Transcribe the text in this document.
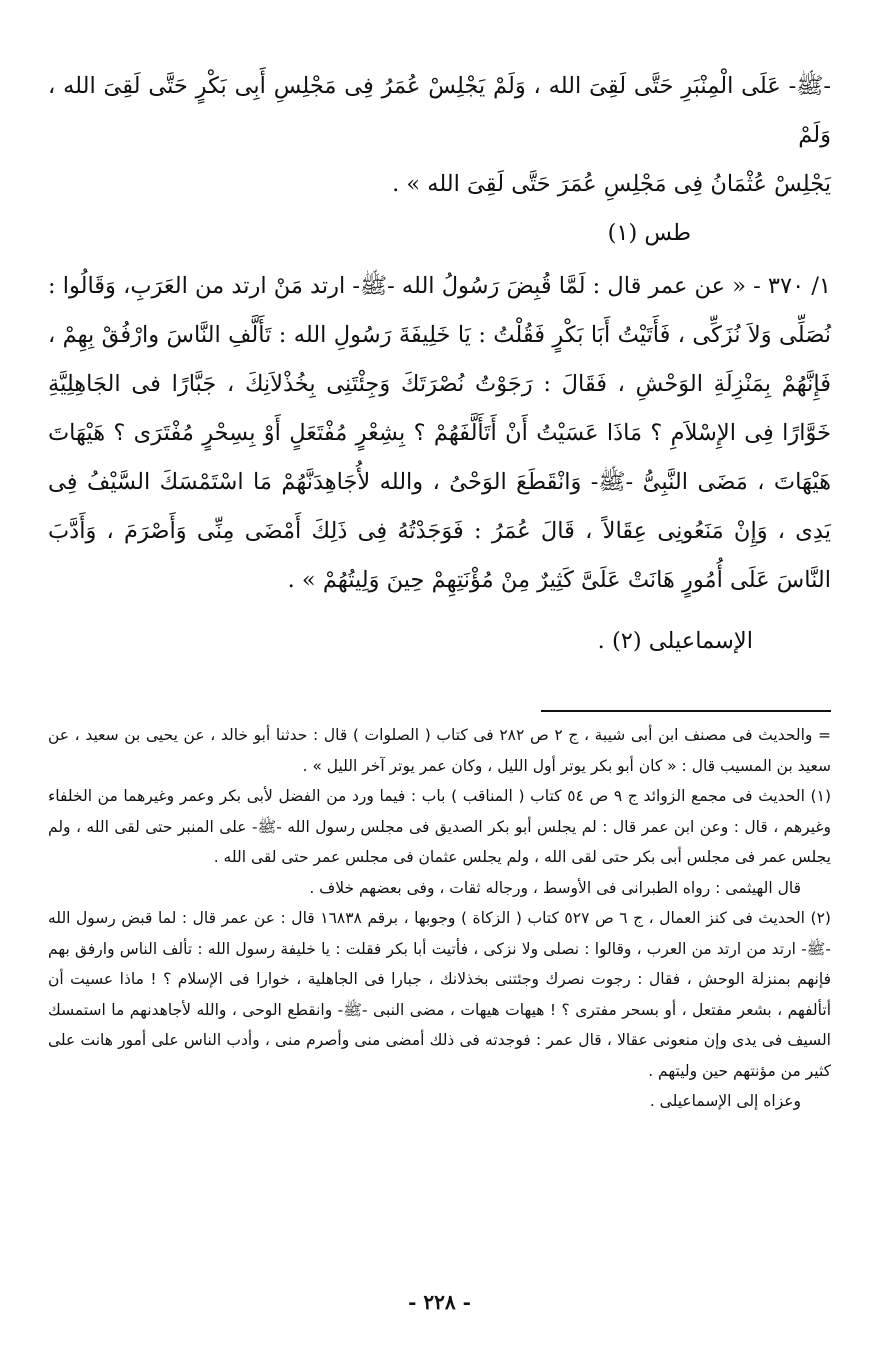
-ﷺ- عَلَى الْمِنْبَرِ حَتَّى لَقِىَ الله ، وَلَمْ يَجْلِسْ عُمَرُ فِى مَجْلِسِ أَبِى بَكْرٍ حَتَّى لَقِىَ الله ، وَلَمْ

يَجْلِسْ عُثْمَانُ فِى مَجْلِسِ عُمَرَ حَتَّى لَقِىَ الله » .

طس (١)

١/ ٣٧٠ - « عن عمر قال : لَمَّا قُبِضَ رَسُولُ الله -ﷺ- ارتد مَنْ ارتد من العَرَبِ، وَقَالُوا : نُصَلِّى وَلاَ نُزَكِّى ، فَأَتَيْتُ أَبَا بَكْرٍ فَقُلْتُ : يَا خَلِيفَةَ رَسُولِ الله : تَأَلَّفِ النَّاسَ وارْفُقْ بِهِمْ ، فَإِنَّهُمْ بِمَنْزِلَةِ الوَحْشِ ، فَقَالَ : رَجَوْتُ نُصْرَتَكَ وَجِئْتَنِى بِخُذْلاَنِكَ ، جَبَّارًا فى الجَاهِلِيَّةِ خَوَّارًا فِى الإِسْلاَمِ ؟ مَاذَا عَسَيْتُ أَنْ أَتَأَلَّفَهُمْ ؟ بِشِعْرٍ مُفْتَعَلٍ أَوْ بِسِحْرٍ مُفْتَرَى ؟ هَيْهَاتَ هَيْهَاتَ ، مَضَى النَّبِىُّ -ﷺ- وَانْقَطَعَ الوَحْىُ ، والله لأُجَاهِدَنَّهُمْ مَا اسْتَمْسَكَ السَّيْفُ فِى يَدِى ، وَإِنْ مَنَعُونِى عِقَالاً ، قَالَ عُمَرُ : فَوَجَدْتُهُ فِى ذَلِكَ أَمْضَى مِنِّى وَأَصْرَمَ ، وَأَدَّبَ النَّاسَ عَلَى أُمُورٍ هَانَتْ عَلَىَّ كَثِيرٌ مِنْ مُؤْنَتِهِمْ حِينَ وَلِيتُهُمْ » .

الإسماعيلى (٢) .

= والحديث فى مصنف ابن أبى شيبة ، ج ٢ ص ٢٨٢ فى كتاب ( الصلوات ) قال : حدثنا أبو خالد ، عن يحيى بن سعيد ، عن سعيد بن المسيب قال : « كان أبو بكر يوتر أول الليل ، وكان عمر يوتر آخر الليل » .

(١) الحديث فى مجمع الزوائد ج ٩ ص ٥٤ كتاب ( المناقب ) باب : فيما ورد من الفضل لأبى بكر وعمر وغيرهما من الخلفاء وغيرهم ، قال : وعن ابن عمر قال : لم يجلس أبو بكر الصديق فى مجلس رسول الله -ﷺ- على المنبر حتى لقى الله ، ولم يجلس عمر فى مجلس أبى بكر حتى لقى الله ، ولم يجلس عثمان فى مجلس عمر حتى لقى الله .

قال الهيثمى : رواه الطبرانى فى الأوسط ، ورجاله ثقات ، وفى بعضهم خلاف .

(٢) الحديث فى كنز العمال ، ج ٦ ص ٥٢٧ كتاب ( الزكاة ) وجوبها ، برقم ١٦٨٣٨ قال : عن عمر قال : لما قبض رسول الله -ﷺ- ارتد من ارتد من العرب ، وقالوا : نصلى ولا نزكى ، فأتيت أبا بكر فقلت : يا خليفة رسول الله : تألف الناس وارفق بهم فإنهم بمنزلة الوحش ، فقال : رجوت نصرك وجئتنى بخذلانك ، جبارا فى الجاهلية ، خوارا فى الإسلام ؟ ! ماذا عسيت أن أتألفهم ، بشعر مفتعل ، أو بسحر مفترى ؟ ! هيهات هيهات ، مضى النبى -ﷺ- وانقطع الوحى ، والله لأجاهدنهم ما استمسك السيف فى يدى وإن منعونى عقالا ، قال عمر : فوجدته فى ذلك أمضى منى وأصرم منى ، وأدب الناس على أمور هانت على كثير من مؤنتهم حين وليتهم .

وعزاه إلى الإسماعيلى .

- ٢٢٨ -
